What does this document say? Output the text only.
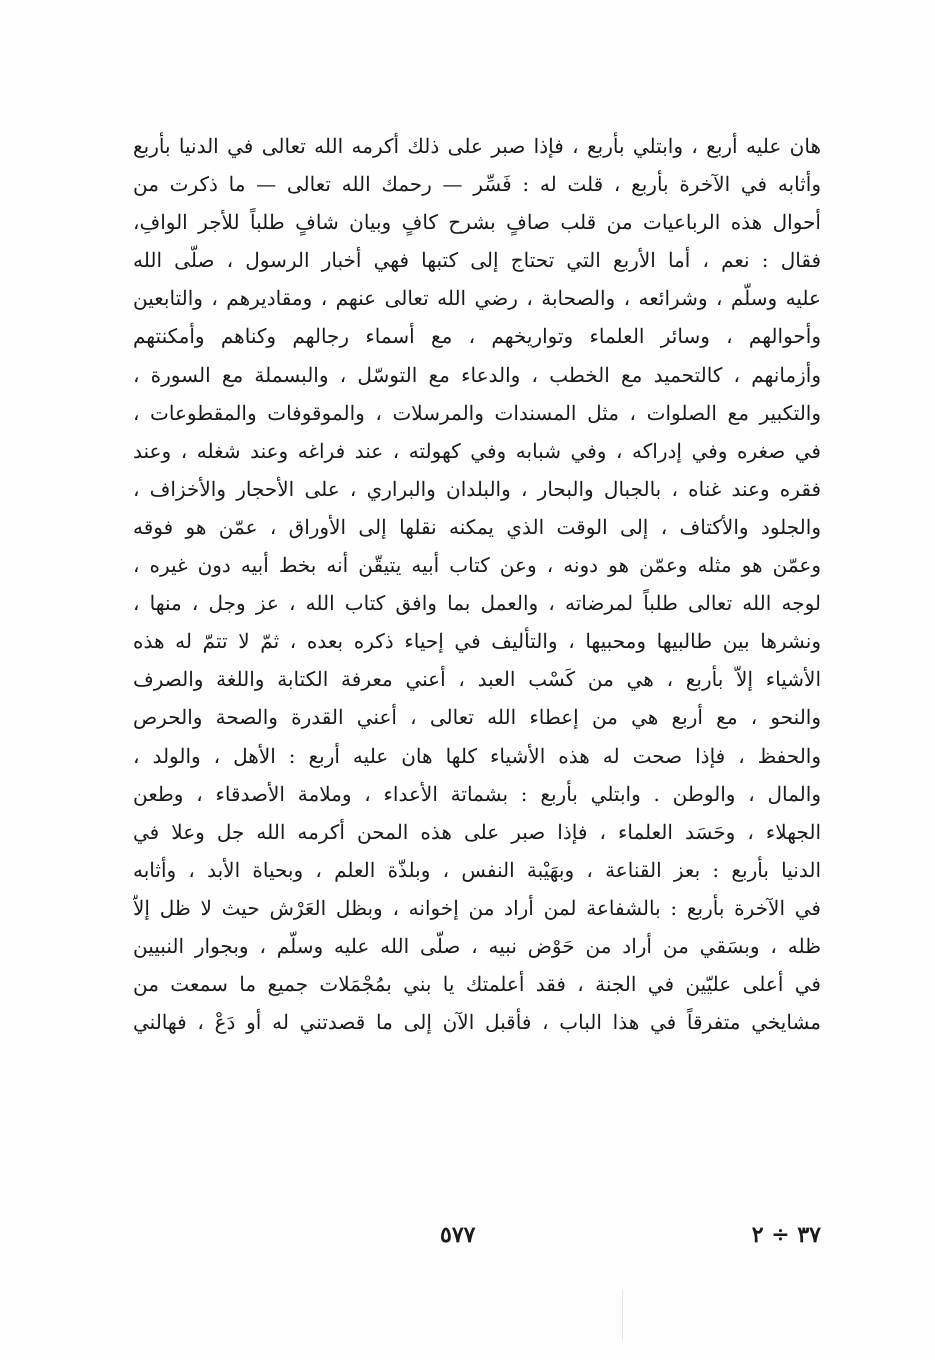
هان عليه أربع ، وابتلي بأربع ، فإذا صبر على ذلك أكرمه الله تعالى في الدنيا بأربع
وأثابه في الآخرة بأربع ، قلت له : فَسِّر — رحمك الله تعالى — ما ذكرت من
أحوال هذه الرباعيات من قلب صافٍ بشرح كافٍ وبيان شافٍ طلباً للأجر الوافِ،
فقال : نعم ، أما الأربع التي تحتاج إلى كتبها فهي أخبار الرسول ، صلّى الله
عليه وسلّم ، وشرائعه ، والصحابة ، رضي الله تعالى عنهم ، ومقاديرهم ، والتابعين
وأحوالهم ، وسائر العلماء وتواريخهم ، مع أسماء رجالهم وكناهم وأمكنتهم
وأزمانهم ، كالتحميد مع الخطب ، والدعاء مع التوسّل ، والبسملة مع السورة ،
والتكبير مع الصلوات ، مثل المسندات والمرسلات ، والموقوفات والمقطوعات ،
في صغره وفي إدراكه ، وفي شبابه وفي كهولته ، عند فراغه وعند شغله ، وعند
فقره وعند غناه ، بالجبال والبحار ، والبلدان والبراري ، على الأحجار والأخزاف ،
والجلود والأكتاف ، إلى الوقت الذي يمكنه نقلها إلى الأوراق ، عمّن هو فوقه
وعمّن هو مثله وعمّن هو دونه ، وعن كتاب أبيه يتيقّن أنه بخط أبيه دون غيره ،
لوجه الله تعالى طلباً لمرضاته ، والعمل بما وافق كتاب الله ، عز وجل ، منها ،
ونشرها بين طالبيها ومحبيها ، والتأليف في إحياء ذكره بعده ، ثمّ لا تتمّ له هذه
الأشياء إلاّ بأربع ، هي من كَسْب العبد ، أعني معرفة الكتابة واللغة والصرف
والنحو ، مع أربع هي من إعطاء الله تعالى ، أعني القدرة والصحة والحرص
والحفظ ، فإذا صحت له هذه الأشياء كلها هان عليه أربع : الأهل ، والولد ،
والمال ، والوطن . وابتلي بأربع : بشماتة الأعداء ، وملامة الأصدقاء ، وطعن
الجهلاء ، وحَسَد العلماء ، فإذا صبر على هذه المحن أكرمه الله جل وعلا في
الدنيا بأربع : بعز القناعة ، وبهَيْبة النفس ، وبلذّة العلم ، وبحياة الأبد ، وأثابه
في الآخرة بأربع : بالشفاعة لمن أراد من إخوانه ، وبظل العَرْش حيث لا ظل إلاّ
ظله ، وبسَقي من أراد من حَوْض نبيه ، صلّى الله عليه وسلّم ، وبجوار النبيين
في أعلى عليّين في الجنة ، فقد أعلمتك يا بني بمُجْمَلات جميع ما سمعت من
مشايخي متفرقاً في هذا الباب ، فأقبل الآن إلى ما قصدتني له أو دَعْ ، فهالني
٣٧ ÷ ٢
٥٧٧
